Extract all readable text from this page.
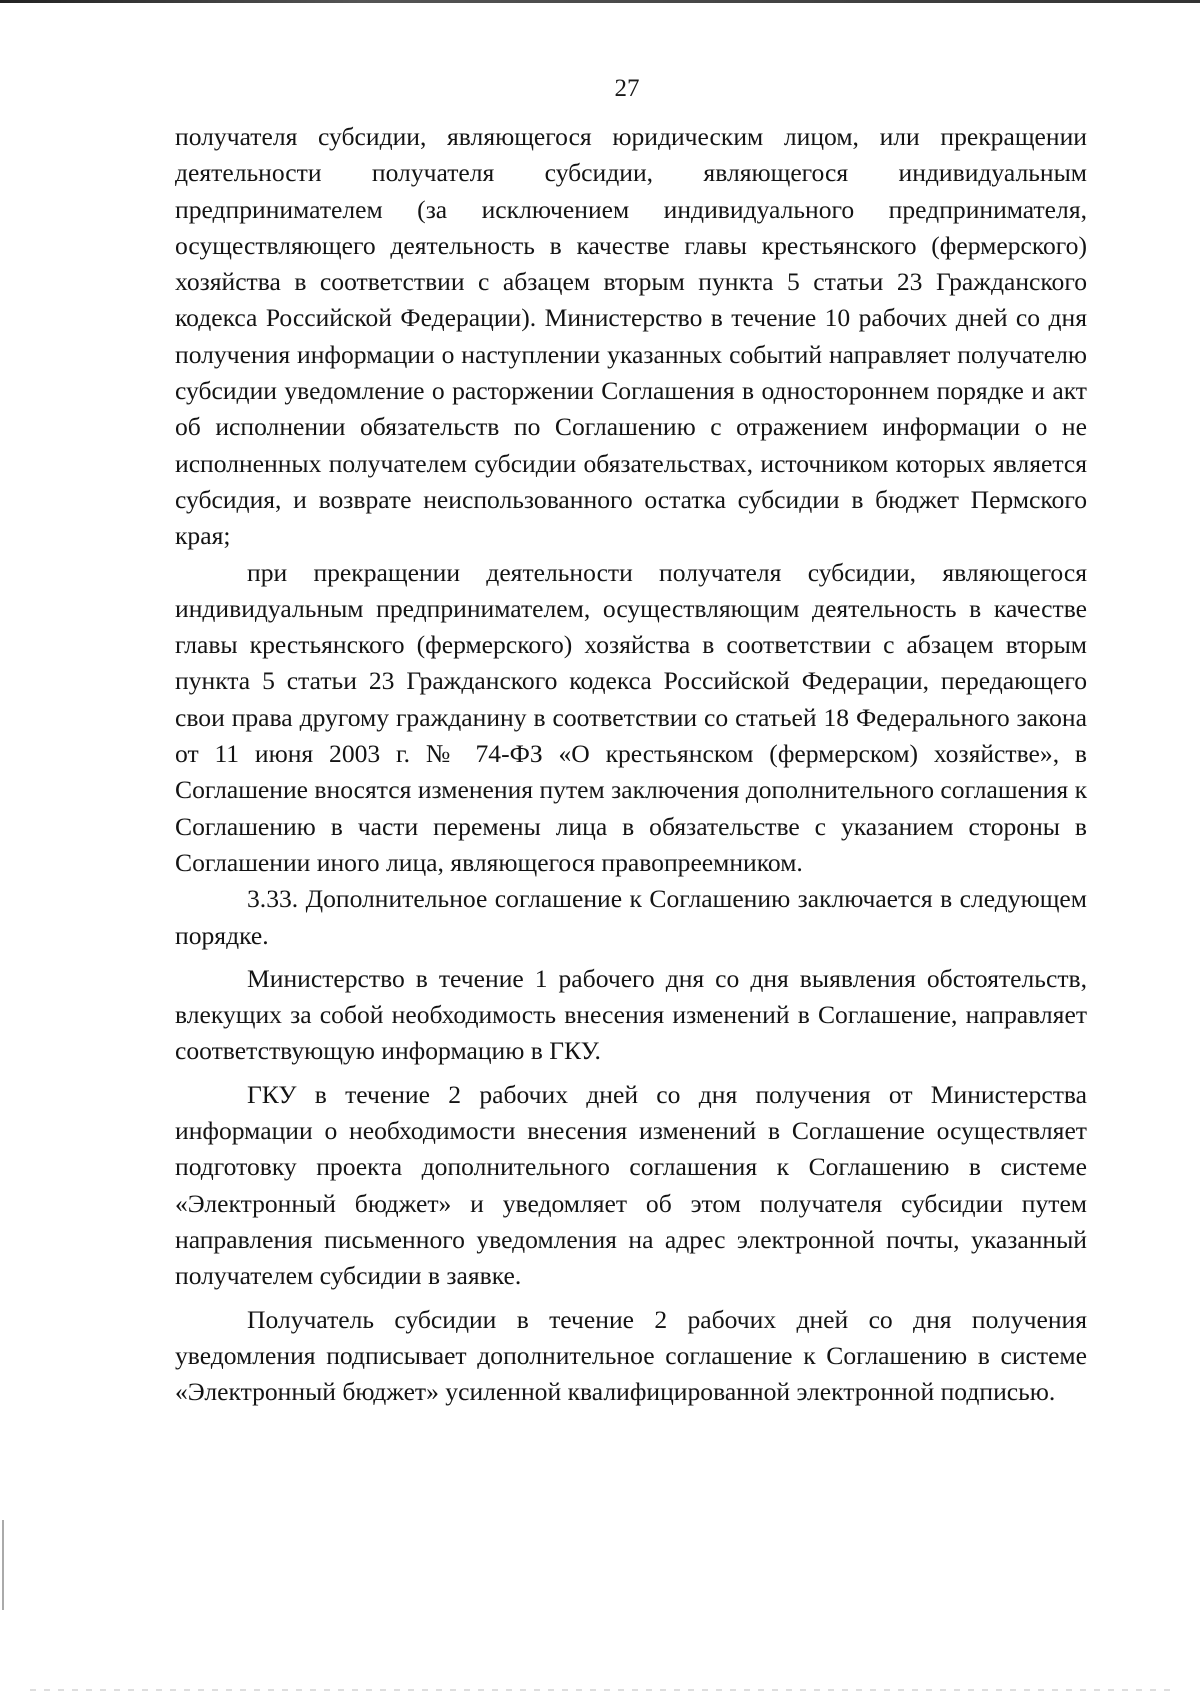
27

получателя субсидии, являющегося юридическим лицом, или прекращении деятельности получателя субсидии, являющегося индивидуальным предпринимателем (за исключением индивидуального предпринимателя, осуществляющего деятельность в качестве главы крестьянского (фермерского) хозяйства в соответствии с абзацем вторым пункта 5 статьи 23 Гражданского кодекса Российской Федерации). Министерство в течение 10 рабочих дней со дня получения информации о наступлении указанных событий направляет получателю субсидии уведомление о расторжении Соглашения в одностороннем порядке и акт об исполнении обязательств по Соглашению с отражением информации о не исполненных получателем субсидии обязательствах, источником которых является субсидия, и возврате неиспользованного остатка субсидии в бюджет Пермского края;

при прекращении деятельности получателя субсидии, являющегося индивидуальным предпринимателем, осуществляющим деятельность в качестве главы крестьянского (фермерского) хозяйства в соответствии с абзацем вторым пункта 5 статьи 23 Гражданского кодекса Российской Федерации, передающего свои права другому гражданину в соответствии со статьей 18 Федерального закона от 11 июня 2003 г. № 74-ФЗ «О крестьянском (фермерском) хозяйстве», в Соглашение вносятся изменения путем заключения дополнительного соглашения к Соглашению в части перемены лица в обязательстве с указанием стороны в Соглашении иного лица, являющегося правопреемником.

3.33. Дополнительное соглашение к Соглашению заключается в следующем порядке.

Министерство в течение 1 рабочего дня со дня выявления обстоятельств, влекущих за собой необходимость внесения изменений в Соглашение, направляет соответствующую информацию в ГКУ.

ГКУ в течение 2 рабочих дней со дня получения от Министерства информации о необходимости внесения изменений в Соглашение осуществляет подготовку проекта дополнительного соглашения к Соглашению в системе «Электронный бюджет» и уведомляет об этом получателя субсидии путем направления письменного уведомления на адрес электронной почты, указанный получателем субсидии в заявке.

Получатель субсидии в течение 2 рабочих дней со дня получения уведомления подписывает дополнительное соглашение к Соглашению в системе «Электронный бюджет» усиленной квалифицированной электронной подписью.
